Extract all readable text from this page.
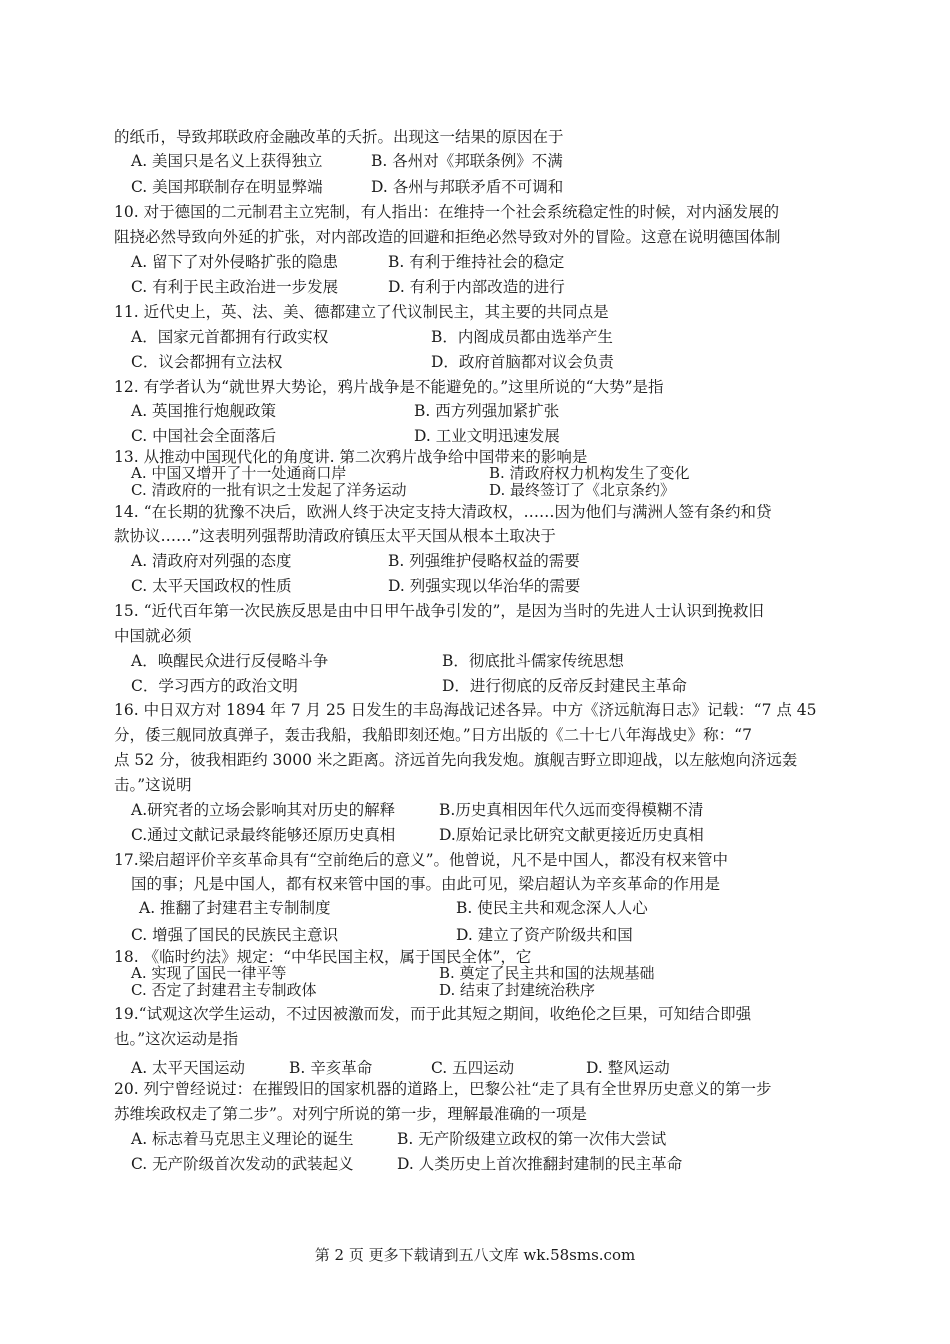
的纸币，导致邦联政府金融改革的夭折。出现这一结果的原因在于
A. 美国只是名义上获得独立	B. 各州对《邦联条例》不满
C. 美国邦联制存在明显弊端	D. 各州与邦联矛盾不可调和
10. 对于德国的二元制君主立宪制，有人指出：在维持一个社会系统稳定性的时候，对内涵发展的
阻挠必然导致向外延的扩张，对内部改造的回避和拒绝必然导致对外的冒险。这意在说明德国体制
A. 留下了对外侵略扩张的隐患	B. 有利于维持社会的稳定
C. 有利于民主政治进一步发展	D. 有利于内部改造的进行
11. 近代史上，英、法、美、德都建立了代议制民主，其主要的共同点是
A．国家元首都拥有行政实权	B．内阁成员都由选举产生
C．议会都拥有立法权	D．政府首脑都对议会负责
12. 有学者认为“就世界大势论，鸦片战争是不能避免的。”这里所说的“大势”是指
A. 英国推行炮舰政策	B. 西方列强加紧扩张
C. 中国社会全面落后	D. 工业文明迅速发展
13. 从推动中国现代化的角度讲. 第二次鸦片战争给中国带来的影响是
A. 中国又增开了十一处通商口岸	B. 清政府权力机构发生了变化
C. 清政府的一批有识之士发起了洋务运动	D. 最终签订了《北京条约》
14. “在长期的犹豫不决后，欧洲人终于决定支持大清政权，……因为他们与满洲人签有条约和贷
款协议……”这表明列强帮助清政府镇压太平天国从根本土取决于
A. 清政府对列强的态度	B. 列强维护侵略权益的需要
C. 太平天国政权的性质	D. 列强实现以华治华的需要
15. “近代百年第一次民族反思是由中日甲午战争引发的”，是因为当时的先进人士认识到挽救旧
中国就必须
A．唤醒民众进行反侵略斗争	B．彻底批斗儒家传统思想
C．学习西方的政治文明	D．进行彻底的反帝反封建民主革命
16. 中日双方对 1894 年 7 月 25 日发生的丰岛海战记述各异。中方《济远航海日志》记载：“7 点 45
分，倭三舰同放真弹子，轰击我船，我船即刻还炮。”日方出版的《二十七八年海战史》称：“7
点 52 分，彼我相距约 3000 米之距离。济远首先向我发炮。旗舰吉野立即迎战，以左舷炮向济远轰
击。”这说明
A.研究者的立场会影响其对历史的解释	B.历史真相因年代久远而变得模糊不清
C.通过文献记录最终能够还原历史真相	D.原始记录比研究文献更接近历史真相
17.梁启超评价辛亥革命具有“空前绝后的意义”。他曾说，凡不是中国人，都没有权来管中
国的事；凡是中国人，都有权来管中国的事。由此可见，梁启超认为辛亥革命的作用是
A. 推翻了封建君主专制制度	B. 使民主共和观念深人人心
C. 增强了国民的民族民主意识	D. 建立了资产阶级共和国
18. 《临时约法》规定：“中华民国主权，属于国民全体”，它
A. 实现了国民一律平等	B. 奠定了民主共和国的法规基础
C. 否定了封建君主专制政体	D. 结束了封建统治秩序
19.“试观这次学生运动，不过因被激而发，而于此其短之期间，收绝伦之巨果，可知结合即强
也。”这次运动是指
A. 太平天国运动	B. 辛亥革命	C. 五四运动	D. 整风运动
20. 列宁曾经说过：在摧毁旧的国家机器的道路上，巴黎公社“走了具有全世界历史意义的第一步
苏维埃政权走了第二步”。对列宁所说的第一步，理解最准确的一项是
A. 标志着马克思主义理论的诞生	B. 无产阶级建立政权的第一次伟大尝试
C. 无产阶级首次发动的武装起义	D. 人类历史上首次推翻封建制的民主革命
第 2 页 更多下载请到五八文库 wk.58sms.com
